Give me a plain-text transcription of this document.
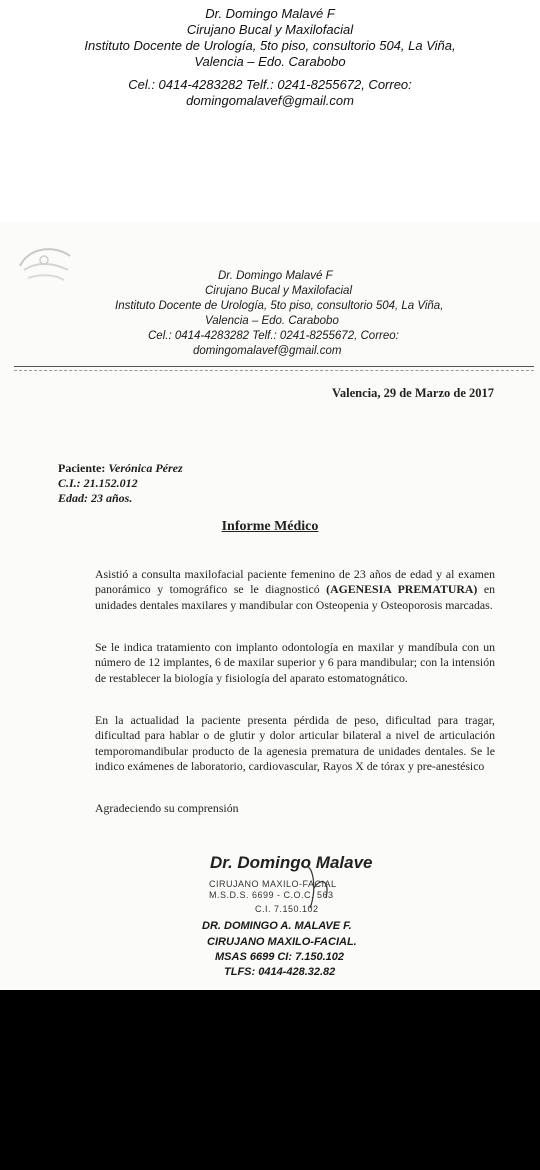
Dr. Domingo Malavé F
Cirujano Bucal y Maxilofacial
Instituto Docente de Urología, 5to piso, consultorio 504, La Viña,
Valencia – Edo. Carabobo
Cel.: 0414-4283282 Telf.: 0241-8255672, Correo:
domingomalavef@gmail.com
Dr. Domingo Malavé F
Cirujano Bucal y Maxilofacial
Instituto Docente de Urología, 5to piso, consultorio 504, La Viña,
Valencia – Edo. Carabobo
Cel.: 0414-4283282 Telf.: 0241-8255672, Correo:
domingomalavef@gmail.com
Valencia, 29 de Marzo de 2017
Paciente: Verónica Pérez
C.I.: 21.152.012
Edad: 23 años.
Informe Médico
Asistió a consulta maxilofacial paciente femenino de 23 años de edad y al examen panorámico y tomográfico se le diagnosticó (AGENESIA PREMATURA) en unidades dentales maxilares y mandibular con Osteopenia y Osteoporosis marcadas.
Se le indica tratamiento con implanto odontología en maxilar y mandíbula con un número de 12 implantes, 6 de maxilar superior y 6 para mandibular; con la intensión de restablecer la biología y fisiología del aparato estomatognático.
En la actualidad la paciente presenta pérdida de peso, dificultad para tragar, dificultad para hablar o de glutir y dolor articular bilateral a nivel de articulación temporomandibular producto de la agenesia prematura de unidades dentales. Se le indico exámenes de laboratorio, cardiovascular, Rayos X de tórax y pre-anestésico
Agradeciendo su comprensión
Dr. Domingo Malave
CIRUJANO MAXILO-FACIAL
M.S.D.S. 6699 - C.O.C. 563
C.I. 7.150.102
DR. DOMINGO A. MALAVE F.
CIRUJANO MAXILO-FACIAL.
MSAS 6699 CI: 7.150.102
TLFS: 0414-428.32.82
